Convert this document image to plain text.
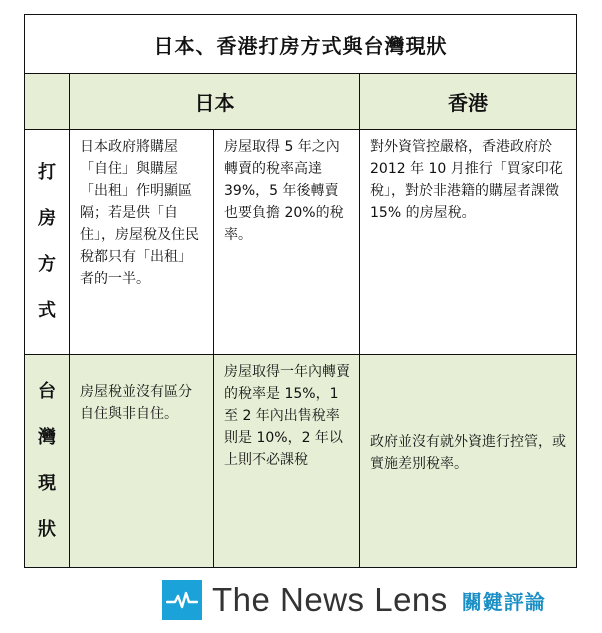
日本、香港打房方式與台灣現狀
日本	香港
打
房
方
式
日本政府將購屋「自住」與購屋「出租」作明顯區隔；若是供「自住」，房屋稅及住民稅都只有「出租」者的一半。
房屋取得 5 年之內轉賣的稅率高達 39%，5 年後轉賣也要負擔 20%的稅率。
對外資管控嚴格，香港政府於 2012 年 10 月推行「買家印花稅」，對於非港籍的購屋者課徵 15% 的房屋稅。
台
灣
現
狀
房屋稅並沒有區分自住與非自住。
房屋取得一年內轉賣的稅率是 15%，1 至 2 年內出售稅率則是 10%，2 年以上則不必課稅
政府並沒有就外資進行控管，或實施差別稅率。
The News Lens 關鍵評論
